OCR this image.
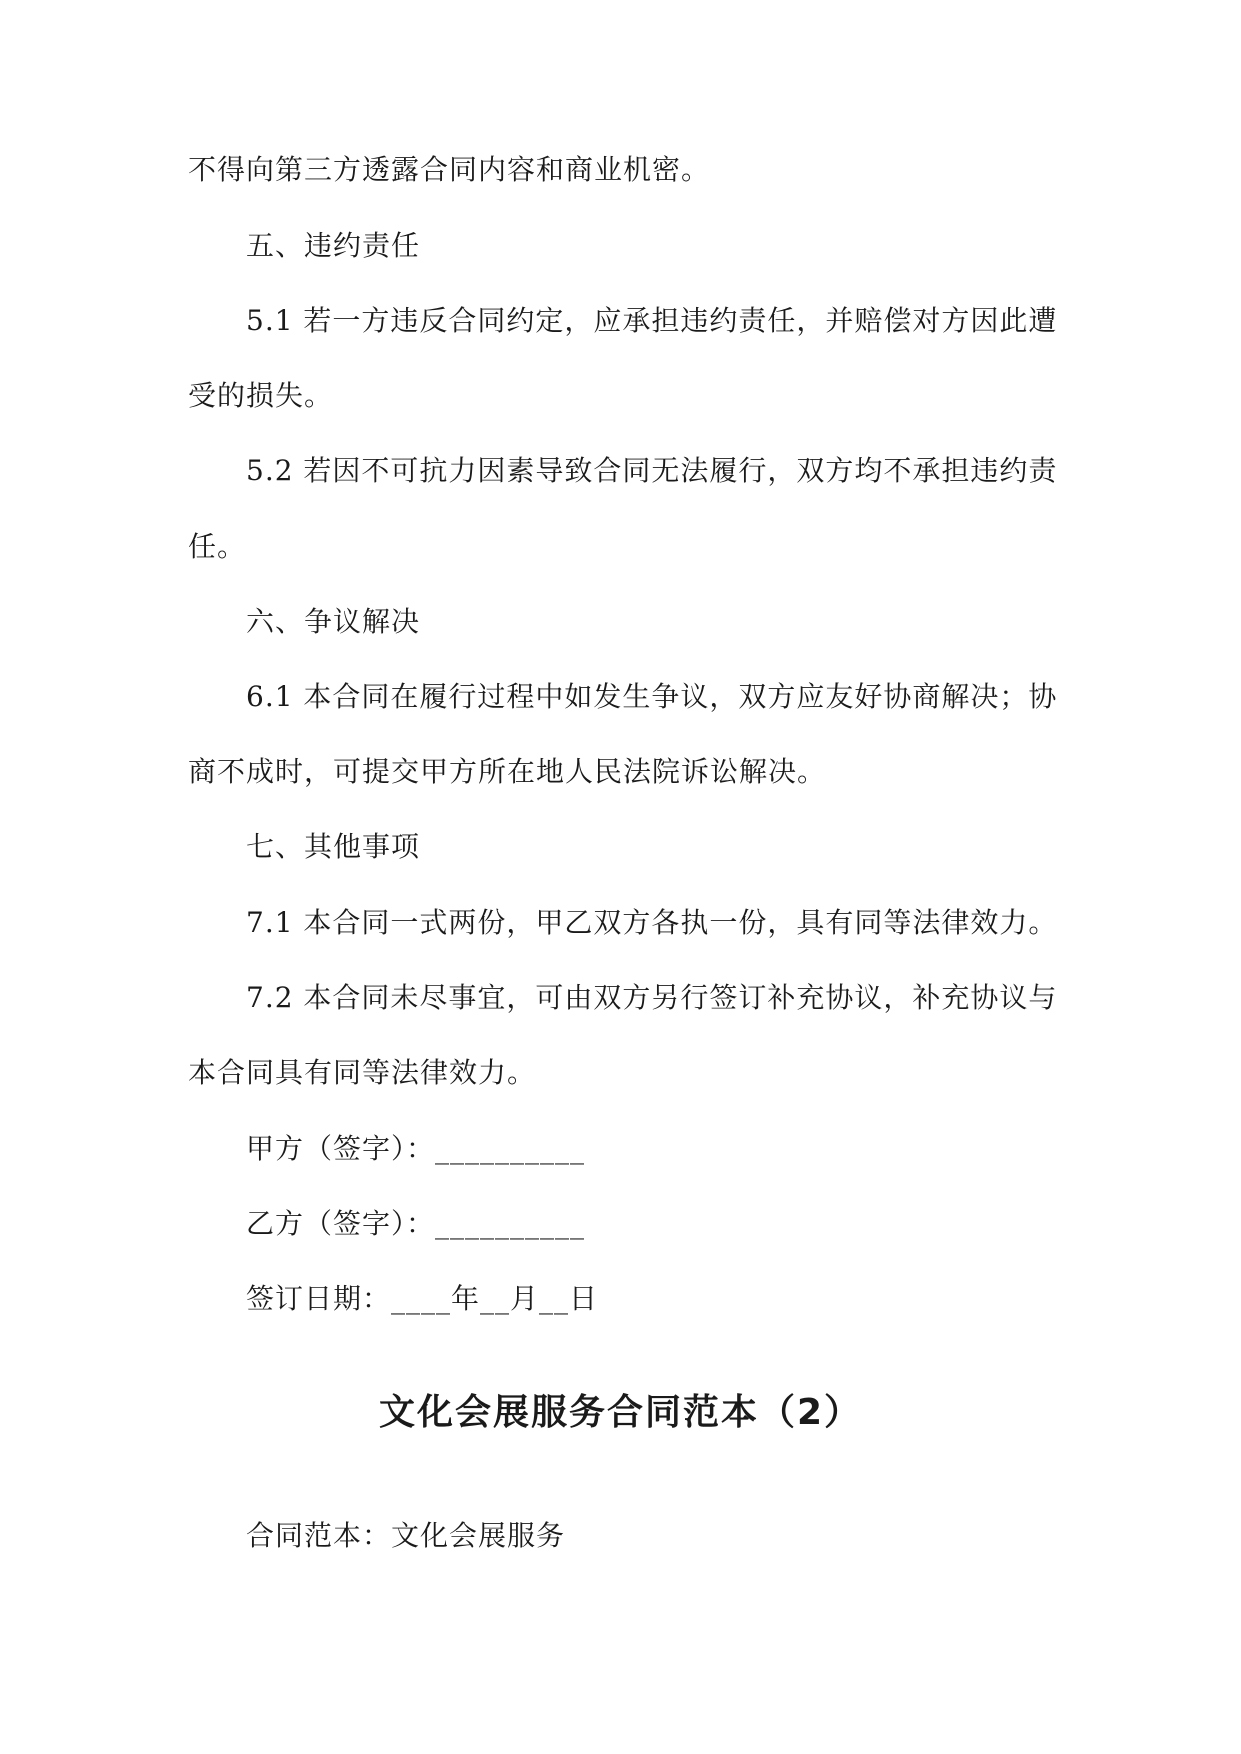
不得向第三方透露合同内容和商业机密。
五、违约责任
5.1 若一方违反合同约定，应承担违约责任，并赔偿对方因此遭
受的损失。
5.2 若因不可抗力因素导致合同无法履行，双方均不承担违约责
任。
六、争议解决
6.1 本合同在履行过程中如发生争议，双方应友好协商解决；协
商不成时，可提交甲方所在地人民法院诉讼解决。
七、其他事项
7.1 本合同一式两份，甲乙双方各执一份，具有同等法律效力。
7.2 本合同未尽事宜，可由双方另行签订补充协议，补充协议与
本合同具有同等法律效力。
甲方（签字）：__________
乙方（签字）：__________
签订日期：____年__月__日
文化会展服务合同范本（2）
合同范本：文化会展服务
